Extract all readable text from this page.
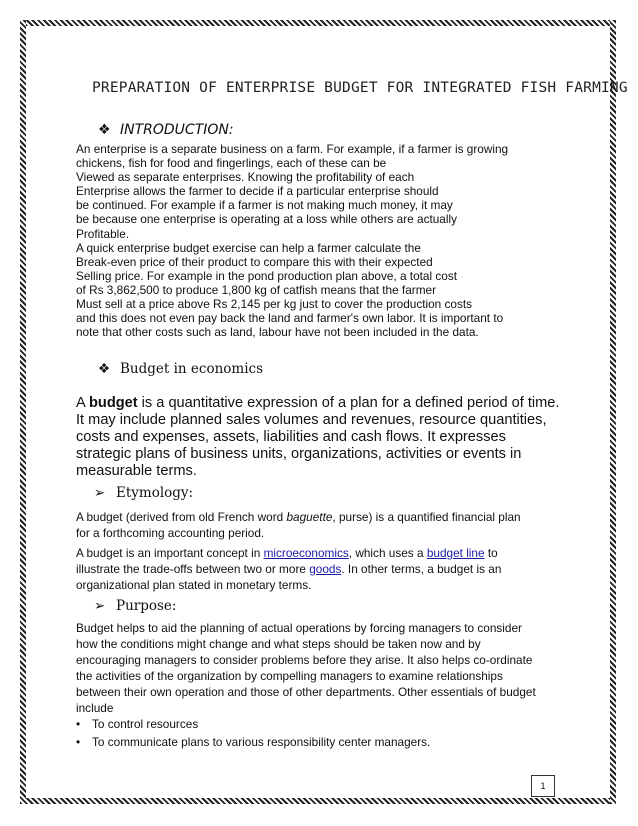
PREPARATION OF ENTERPRISE BUDGET FOR INTEGRATED FISH FARMING
❖ INTRODUCTION:
An enterprise is a separate business on a farm. For example, if a farmer is growing
chickens, fish for food and fingerlings, each of these can be
Viewed as separate enterprises. Knowing the profitability of each
Enterprise allows the farmer to decide if a particular enterprise should
be continued. For example if a farmer is not making much money, it may
be because one enterprise is operating at a loss while others are actually
Profitable.
A quick enterprise budget exercise can help a farmer calculate the
Break-even price of their product to compare this with their expected
Selling price. For example in the pond production plan above, a total cost
of Rs 3,862,500 to produce 1,800 kg of catfish means that the farmer
Must sell at a price above Rs 2,145 per kg just to cover the production costs
and this does not even pay back the land and farmer's own labor. It is important to
note that other costs such as land, labour have not been included in the data.
❖ Budget in economics
A budget is a quantitative expression of a plan for a defined period of time.
It may include planned sales volumes and revenues, resource quantities,
costs and expenses, assets, liabilities and cash flows. It expresses
strategic plans of business units, organizations, activities or events in
measurable terms.
➢ Etymology:
A budget (derived from old French word baguette, purse) is a quantified financial plan
for a forthcoming accounting period.
A budget is an important concept in microeconomics, which uses a budget line to
illustrate the trade-offs between two or more goods. In other terms, a budget is an
organizational plan stated in monetary terms.
➢ Purpose:
Budget helps to aid the planning of actual operations by forcing managers to consider
how the conditions might change and what steps should be taken now and by
encouraging managers to consider problems before they arise. It also helps co-ordinate
the activities of the organization by compelling managers to examine relationships
between their own operation and those of other departments. Other essentials of budget
include
• To control resources
• To communicate plans to various responsibility center managers.
1
